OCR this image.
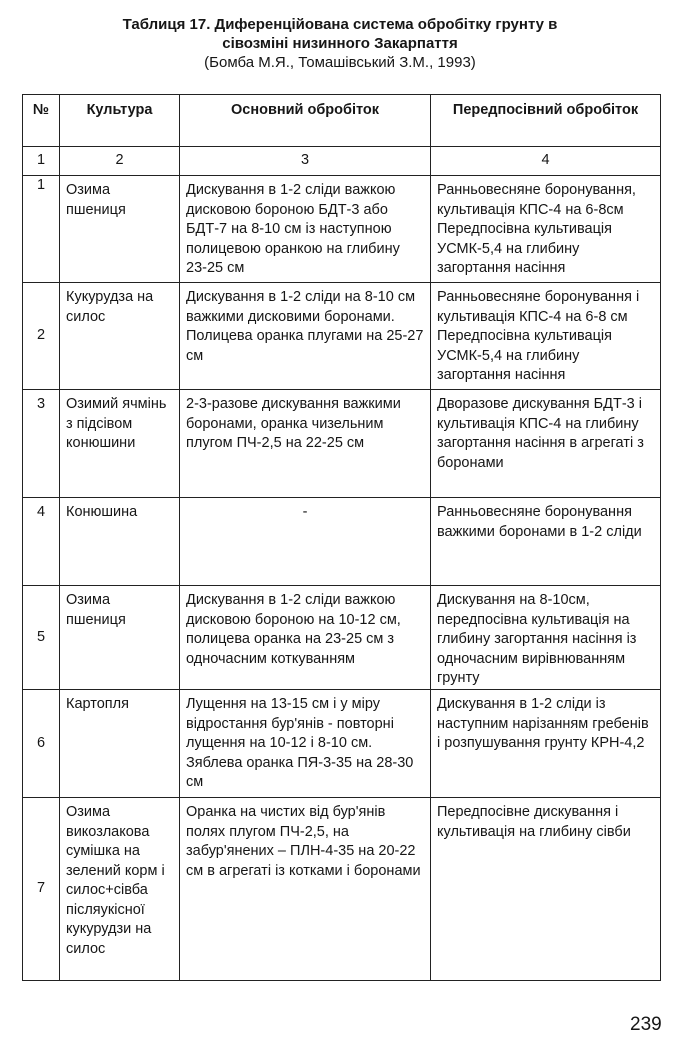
Таблиця 17. Диференційована система обробітку грунту в
сівозміні низинного Закарпаття
(Бомба М.Я., Томашівський З.М., 1993)
№	Культура	Основний обробіток	Передпосівний обробіток

1	2	3	4
1	Озима пшениця	Дискування в 1-2 сліди важкою дисковою бороною БДТ-3 або БДТ-7 на 8-10 см із наступною полицевою оранкою на глибину 23-25 см	Ранньовесняне боронування, культивація КПС-4 на 6-8см Передпосівна культивація УСМК-5,4 на глибину загортання насіння

2	Кукурудза на силос	Дискування в 1-2 сліди на 8-10 см важкими дисковими боронами. Полицева оранка плугами на 25-27 см	Ранньовесняне боронування і культивація КПС-4 на 6-8 см Передпосівна культивація УСМК-5,4 на глибину загортання насіння

3	Озимий ячмінь з підсівом конюшини	2-3-разове дискування важкими боронами, оранка чизельним плугом ПЧ-2,5 на 22-25 см	Дворазове дискування БДТ-3 і культивація КПС-4 на глибину загортання насіння в агрегаті з боронами

4	Конюшина	-	Ранньовесняне боронування важкими боронами в 1-2 сліди

5	Озима пшениця	Дискування в 1-2 сліди важкою дисковою бороною на 10-12 см, полицева оранка на 23-25 см з одночасним коткуванням	Дискування на 8-10см, передпосівна культивація на глибину загортання насіння із одночасним вирівнюванням грунту

6	Картопля	Лущення на 13-15 см і у міру відростання бур'янів - повторні лущення на 10-12 і 8-10 см. Зяблева оранка ПЯ-3-35 на 28-30 см	Дискування в 1-2 сліди із наступним нарізанням гребенів і розпушування грунту КРН-4,2

7	Озима викозлакова сумішка на зелений корм і силос+сівба післяукісної кукурудзи на силос	Оранка на чистих від бур'янів полях плугом ПЧ-2,5, на забур'янених – ПЛН-4-35 на 20-22 см в агрегаті із котками і боронами	Передпосівне дискування і культивація на глибину сівби
239
